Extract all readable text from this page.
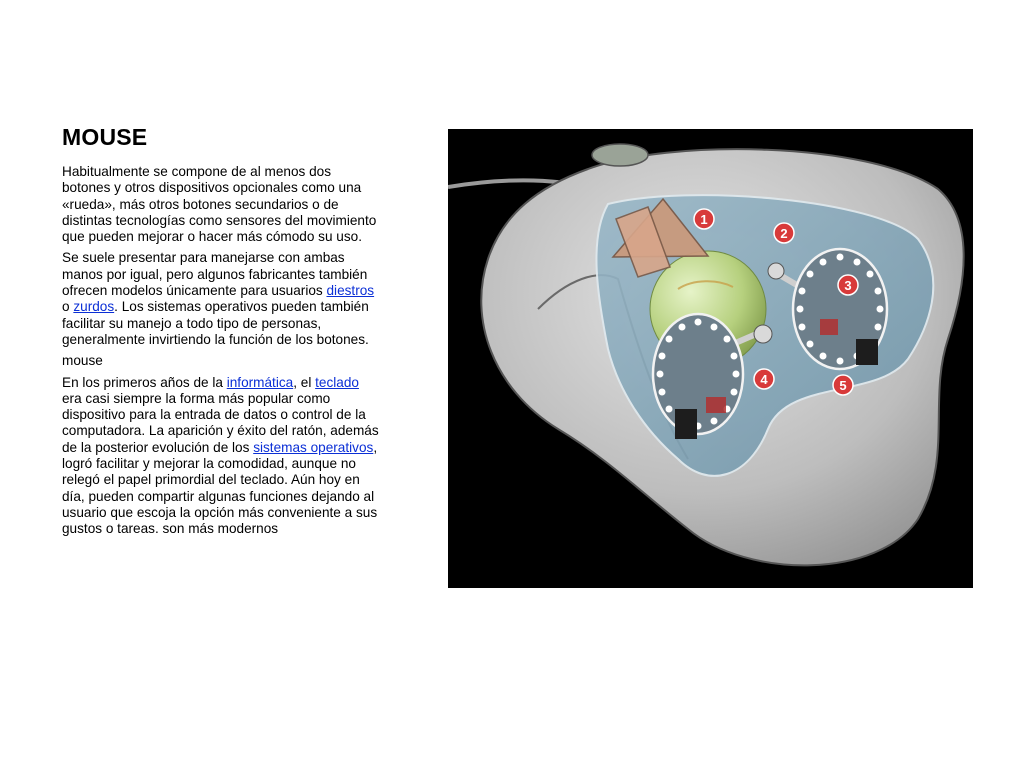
MOUSE

Habitualmente se compone de al menos dos botones y otros dispositivos opcionales como una «rueda», más otros botones secundarios o de distintas tecnologías como sensores del movimiento que pueden mejorar o hacer más cómodo su uso.

Se suele presentar para manejarse con ambas manos por igual, pero algunos fabricantes también ofrecen modelos únicamente para usuarios diestros o zurdos. Los sistemas operativos pueden también facilitar su manejo a todo tipo de personas, generalmente invirtiendo la función de los botones.

mouse

En los primeros años de la informática, el teclado era casi siempre la forma más popular como dispositivo para la entrada de datos o control de la computadora. La aparición y éxito del ratón, además de la posterior evolución de los sistemas operativos, logró facilitar y mejorar la comodidad, aunque no relegó el papel primordial del teclado. Aún hoy en día, pueden compartir algunas funciones dejando al usuario que escoja la opción más conveniente a sus gustos o tareas. son más modernos

1
2
3
4	5
